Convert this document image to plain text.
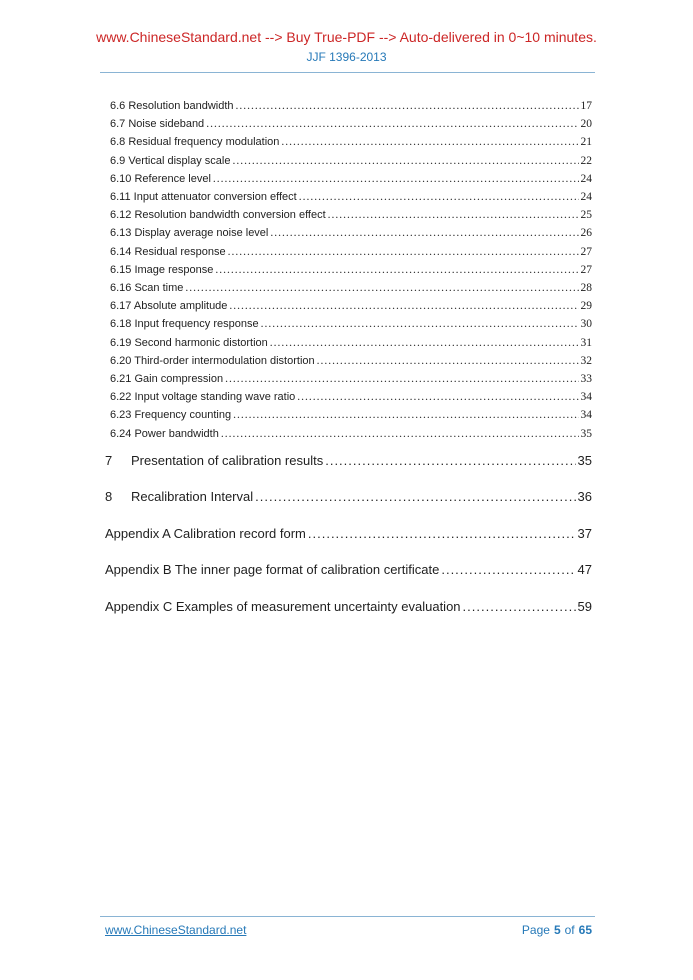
www.ChineseStandard.net --> Buy True-PDF --> Auto-delivered in 0~10 minutes.
JJF 1396-2013
6.6 Resolution bandwidth .....	17
6.7 Noise sideband .....	20
6.8 Residual frequency modulation .....	21
6.9 Vertical display scale .....	22
6.10 Reference level .....	24
6.11 Input attenuator conversion effect .....	24
6.12 Resolution bandwidth conversion effect .....	25
6.13 Display average noise level .....	26
6.14 Residual response .....	27
6.15 Image response .....	27
6.16 Scan time .....	28
6.17 Absolute amplitude .....	29
6.18 Input frequency response .....	30
6.19 Second harmonic distortion .....	31
6.20 Third-order intermodulation distortion .....	32
6.21 Gain compression .....	33
6.22 Input voltage standing wave ratio .....	34
6.23 Frequency counting .....	34
6.24 Power bandwidth .....	35
7	Presentation of calibration results .....	35
8	Recalibration Interval .....	36
Appendix A Calibration record form .....	37
Appendix B The inner page format of calibration certificate .....	47
Appendix C Examples of measurement uncertainty evaluation .....	59
www.ChineseStandard.net	Page 5 of 65
